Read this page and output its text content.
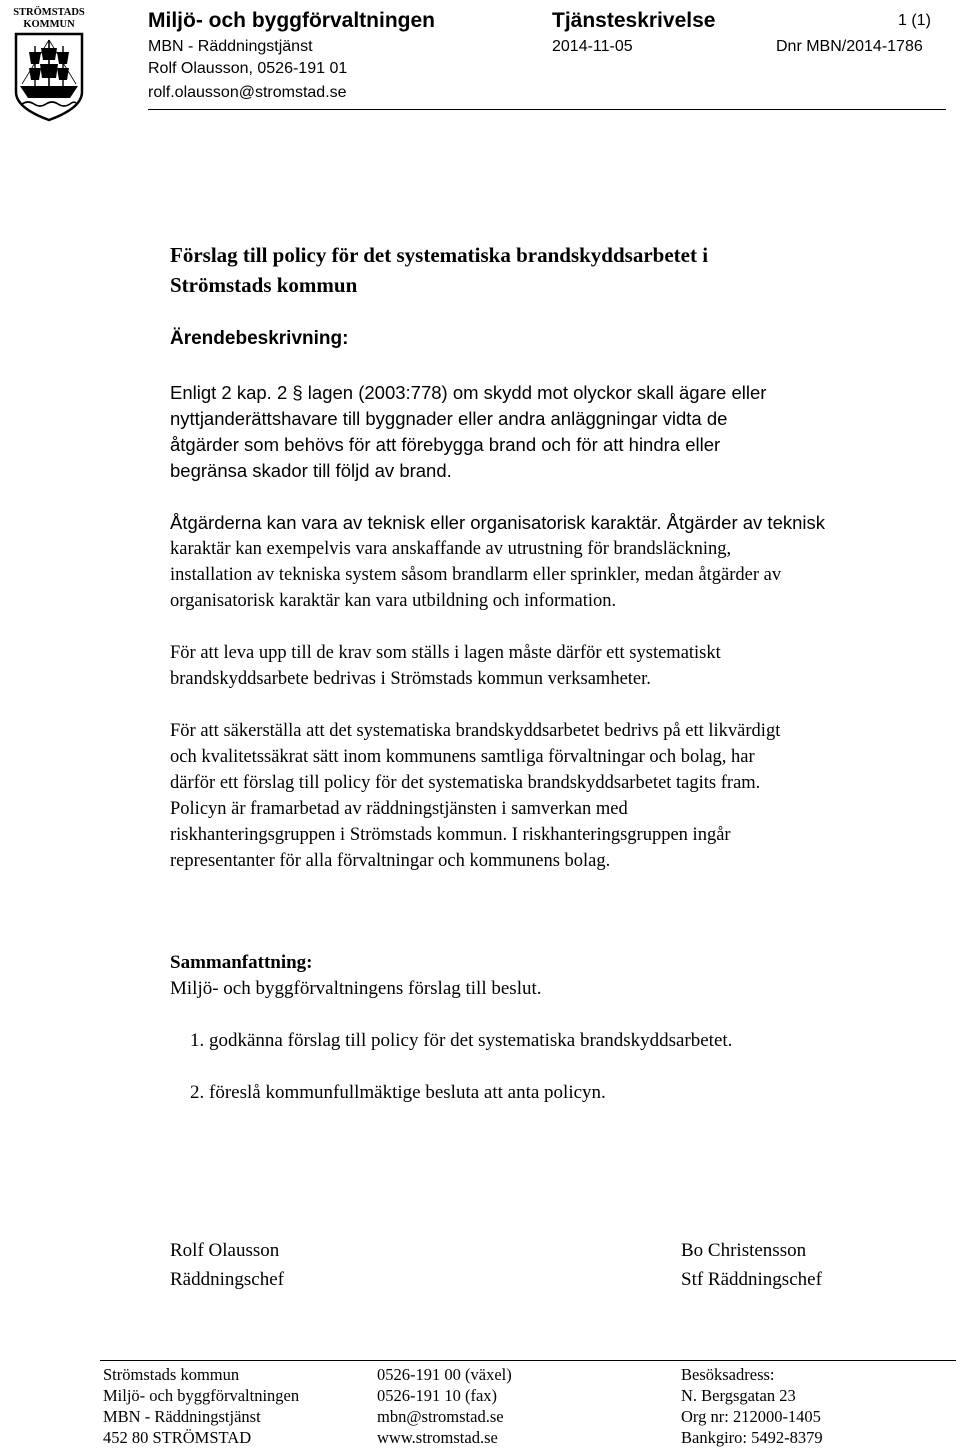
STRÖMSTADS
KOMMUN	Miljö- och byggförvaltningen
MBN - Räddningstjänst
Rolf Olausson, 0526-191 01
rolf.olausson@stromstad.se
Tjänsteskrivelse
2014-11-05
1 (1)
Dnr MBN/2014-1786
Förslag till policy för det systematiska brandskyddsarbetet i
Strömstads kommun
Ärendebeskrivning:
Enligt 2 kap. 2 § lagen (2003:778) om skydd mot olyckor skall ägare eller
nyttjanderättshavare till byggnader eller andra anläggningar vidta de
åtgärder som behövs för att förebygga brand och för att hindra eller
begränsa skador till följd av brand.
Åtgärderna kan vara av teknisk eller organisatorisk karaktär. Åtgärder av teknisk
karaktär kan exempelvis vara anskaffande av utrustning för brandsläckning,
installation av tekniska system såsom brandlarm eller sprinkler, medan åtgärder av
organisatorisk karaktär kan vara utbildning och information.
För att leva upp till de krav som ställs i lagen måste därför ett systematiskt
brandskyddsarbete bedrivas i Strömstads kommun verksamheter.
För att säkerställa att det systematiska brandskyddsarbetet bedrivs på ett likvärdigt
och kvalitetssäkrat sätt inom kommunens samtliga förvaltningar och bolag, har
därför ett förslag till policy för det systematiska brandskyddsarbetet tagits fram.
Policyn är framarbetad av räddningstjänsten i samverkan med
riskhanteringsgruppen i Strömstads kommun. I riskhanteringsgruppen ingår
representanter för alla förvaltningar och kommunens bolag.
Sammanfattning:
Miljö- och byggförvaltningens förslag till beslut.
1. godkänna förslag till policy för det systematiska brandskyddsarbetet.
2. föreslå kommunfullmäktige besluta att anta policyn.
Rolf Olausson
Räddningschef
Bo Christensson
Stf Räddningschef
Strömstads kommun
Miljö- och byggförvaltningen
MBN - Räddningstjänst
452 80 STRÖMSTAD
0526-191 00 (växel)
0526-191 10 (fax)
mbn@stromstad.se
www.stromstad.se
Besöksadress:
N. Bergsgatan 23
Org nr: 212000-1405
Bankgiro: 5492-8379
